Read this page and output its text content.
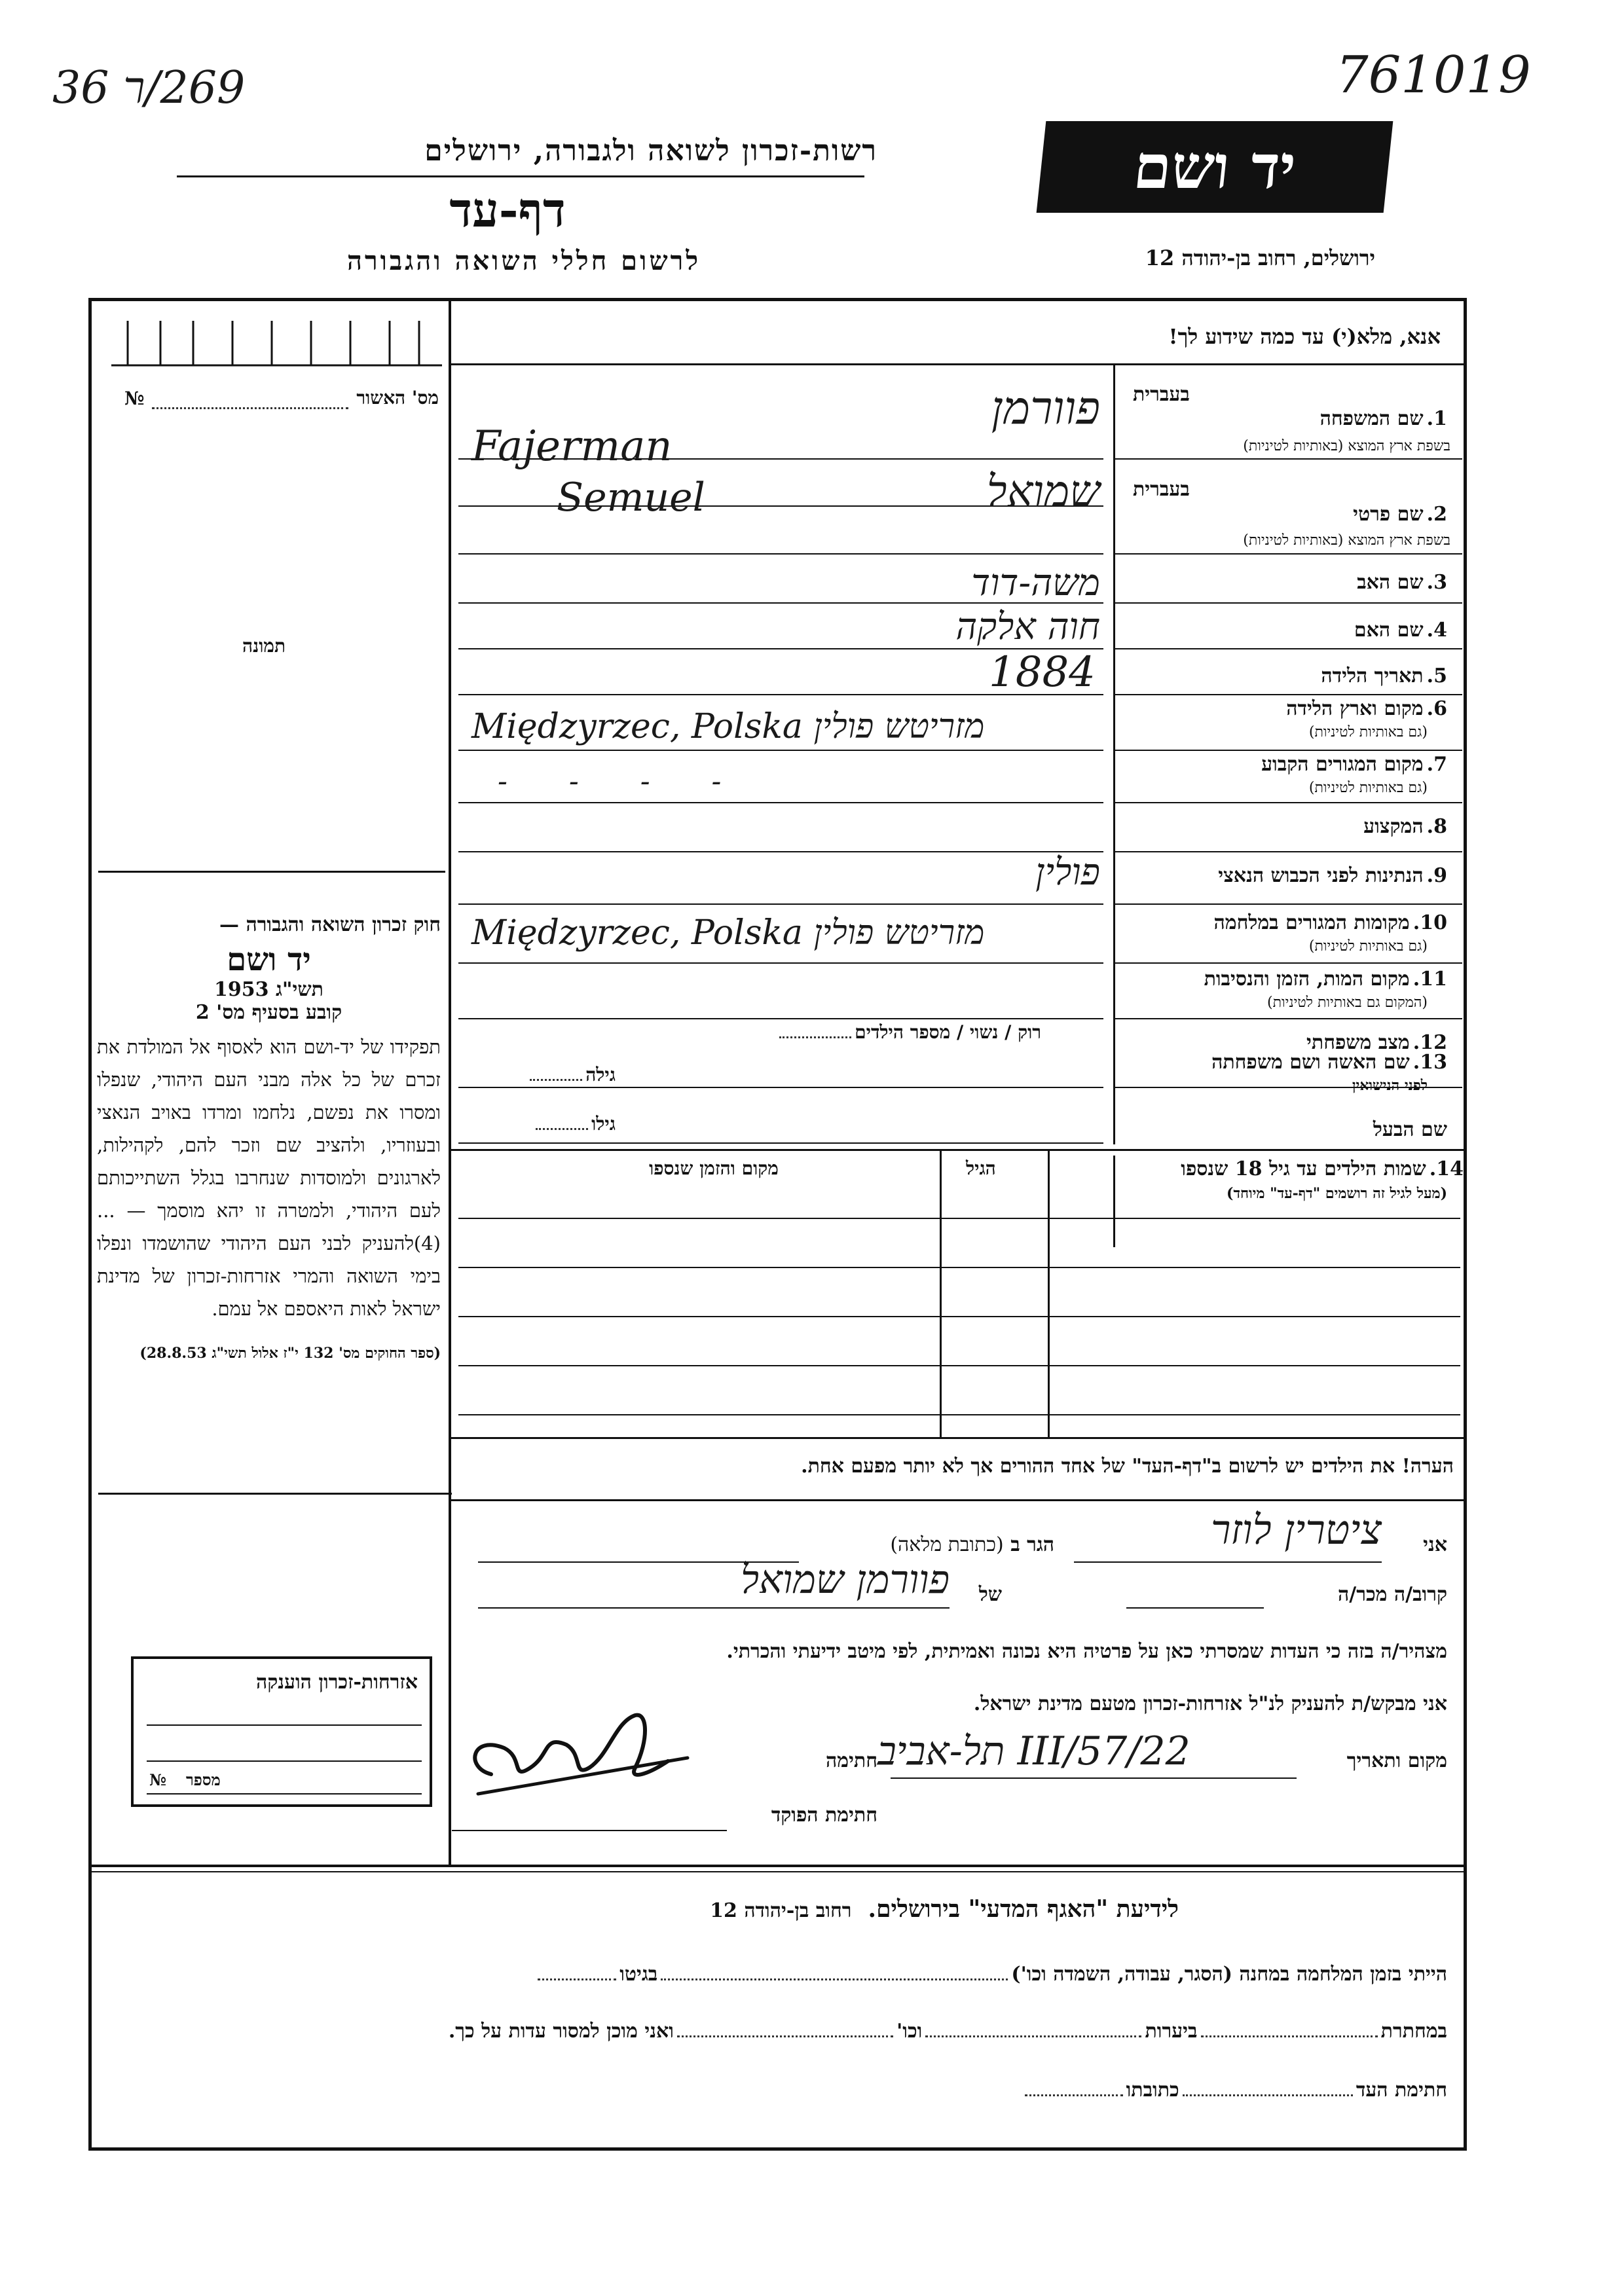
269/ר 36	761019
רשות-זכרון לשואה ולגבורה, ירושלים
דף-עד
לרשום חללי השואה והגבורה
יד ושם
ירושלים, רחוב בן-יהודה 12
אנא, מלא(י) עד כמה שידוע לך!
מס' האשור
№
תמונה
חוק זכרון השואה והגבורה —
יד ושם
תשי"ג 1953
קובע בסעיף מס' 2
תפקידו של יד-ושם הוא לאסוף אל המולדת את זכרם של כל אלה מבני העם היהודי, שנפלו ומסרו את נפשם, נלחמו ומרדו באויב הנאצי ובעוזריו, ולהציב שם וזכר להם, לקהילות, לארגונים ולמוסדות שנחרבו בגלל השתייכותם לעם היהודי, ולמטרה זו יהא מוסמך — ...(4)להעניק לבני העם היהודי שהושמדו ונפלו בימי השואה והמרי אזרחות-זכרון של מדינת ישראל לאות היאספם אל עמם.
(ספר החוקים מס' 132 י"ז אלול תשי"ג 28.8.53)
אזרחות-זכרון הוענקה
№ מספר
בעברית
1. שם המשפחה
בשפת ארץ המוצא (באותיות לטיניות)
פוורמן
Fajerman
בעברית
2. שם פרטי
בשפת ארץ המוצא (באותיות לטיניות)
שמואל
Semuel
3. שם האב
משה-דוד
4. שם האם
חוה אלקה
5. תאריך הלידה
1884
6. מקום וארץ הלידה
(גם באותיות לטיניות)
Międzyrzec, Polska מזריטש פולין
7. מקום המגורים הקבוע
(גם באותיות לטיניות)
- - - -
8. המקצוע
9. הנתינות לפני הכבוש הנאצי
פולין
10. מקומות המגורים במלחמה
(גם באותיות לטיניות)
Międzyrzec, Polska מזריטש פולין
11. מקום המות, הזמן והנסיבות
(המקום גם באותיות לטיניות)
12. מצב משפחתי
רוק / נשוי / מספר הילדים
13. שם האשה ושם משפחתה
לפני הנישואין
גילה
שם הבעל
גילו
14. שמות הילדים עד גיל 18 שנספו
(מעל לגיל זה רושמים "דף-עד" מיוחד)
הגיל
מקום והזמן שנספו
הערה! את הילדים יש לרשום ב"דף-העד" של אחד ההורים אך לא יותר מפעם אחת.
אני
ציטרין לוזר
הגר ב (כתובת מלאה)
קרוב/ה מכר/ה
של
פוורמן שמואל
מצהיר/ה בזה כי העדות שמסרתי כאן על פרטיה היא נכונה ואמיתית, לפי מיטב ידיעתי והכרתי.
אני מבקש/ת להעניק לנ"ל אזרחות-זכרון מטעם מדינת ישראל.
מקום ותאריך
22/III/57 תל-אביב
חתימה
חתימת הפוקד
לידיעת "האגף המדעי" בירושלים. רחוב בן-יהודה 12
הייתי בזמן המלחמה במחנה (הסגר, עבודה, השמדה וכו')  בגיטו
במחתרת  ביערות  וכו'  ואני מוכן למסור עדות על כך.
חתימת העד  כתובתו
